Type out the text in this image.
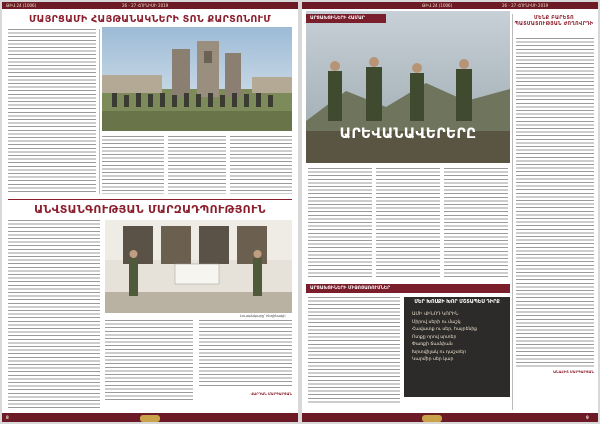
ԹԻՎ 24 (1006)	26 - 27 ՀՈՒՆԻՍԻ 2019
ՄԱՅՐՑԱՄԻ ՀԱՅԹԱՆԱԿՆԵՐԻ ՏՈՆ ՔԱՐՏՈՆՈՒՄ
ԱՆՎՏԱՆԳՈՒԹՅԱՆ ՄԱՐԶԱԴՊՈՒԹՅՈՒՆ
Լուսանկարը՝ հեղինակի
ՎԱՐԴԱՆ ՄԱՐԳԱՐՅԱՆ
8
ԹԻՎ 24 (1006)	26 - 27 ՀՈՒՆԻՍԻ 2019
ԱՐՑԱԽՑԻՆԵՐԻ ՀԱՄԱՐ
ԱՐԵՎԱՆԱՎԵՐԵՐԸ
ՄԵՆՔ ԲԱՐԵՏՈ ՊԱՏՄԱՏՈՒԹՅԱՆ ԺՈՂՈՎՐԴԻ
ԱՆԱՀԻՏ ՄԱՐԳԱՐՅԱՆ
ԱՐՑԱԽՑԻՆԵՐԻ ՄԻՋՈՑԱՌՈՒՄՆԵՐ
ՄԵՐ ԽՈՍՔԻ ԽՈՐ ՄՇՏԱՊԵՍ ԴԻՐՔ
ԱՄԻ ՎԻՆՈԴ ԿՈՐԻՆ
Սիրով սերի ու մաշկ
Հավատք ու սեր, հայրենիք
Ոտքը որով սրտեր
Փառքի ճամփան
Խրտվիլակ ու դաշտեր
Կարմիր սեր կար
9
